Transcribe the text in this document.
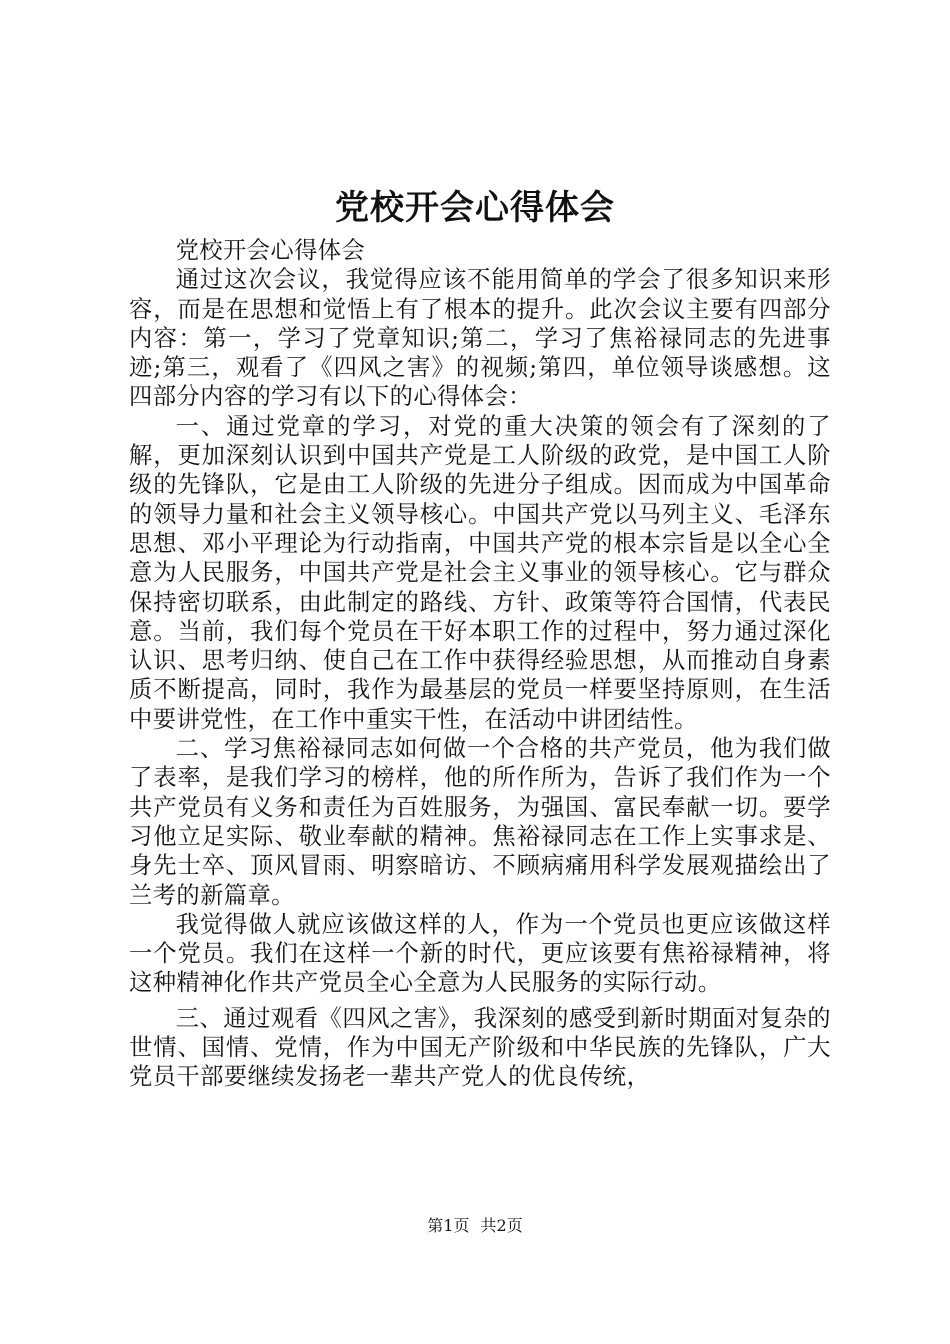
党校开会心得体会

党校开会心得体会

通过这次会议，我觉得应该不能用简单的学会了很多知识来形容，而是在思想和觉悟上有了根本的提升。此次会议主要有四部分内容：第一，学习了党章知识;第二，学习了焦裕禄同志的先进事迹;第三，观看了《四风之害》的视频;第四，单位领导谈感想。这四部分内容的学习有以下的心得体会：

一、通过党章的学习，对党的重大决策的领会有了深刻的了解，更加深刻认识到中国共产党是工人阶级的政党，是中国工人阶级的先锋队，它是由工人阶级的先进分子组成。因而成为中国革命的领导力量和社会主义领导核心。中国共产党以马列主义、毛泽东思想、邓小平理论为行动指南，中国共产党的根本宗旨是以全心全意为人民服务，中国共产党是社会主义事业的领导核心。它与群众保持密切联系，由此制定的路线、方针、政策等符合国情，代表民意。当前，我们每个党员在干好本职工作的过程中，努力通过深化认识、思考归纳、使自己在工作中获得经验思想，从而推动自身素质不断提高，同时，我作为最基层的党员一样要坚持原则，在生活中要讲党性，在工作中重实干性，在活动中讲团结性。

二、学习焦裕禄同志如何做一个合格的共产党员，他为我们做了表率，是我们学习的榜样，他的所作所为，告诉了我们作为一个共产党员有义务和责任为百姓服务，为强国、富民奉献一切。要学习他立足实际、敬业奉献的精神。焦裕禄同志在工作上实事求是、身先士卒、顶风冒雨、明察暗访、不顾病痛用科学发展观描绘出了兰考的新篇章。

我觉得做人就应该做这样的人，作为一个党员也更应该做这样一个党员。我们在这样一个新的时代，更应该要有焦裕禄精神，将这种精神化作共产党员全心全意为人民服务的实际行动。

三、通过观看《四风之害》，我深刻的感受到新时期面对复杂的世情、国情、党情，作为中国无产阶级和中华民族的先锋队，广大党员干部要继续发扬老一辈共产党人的优良传统，

第1页 共2页
